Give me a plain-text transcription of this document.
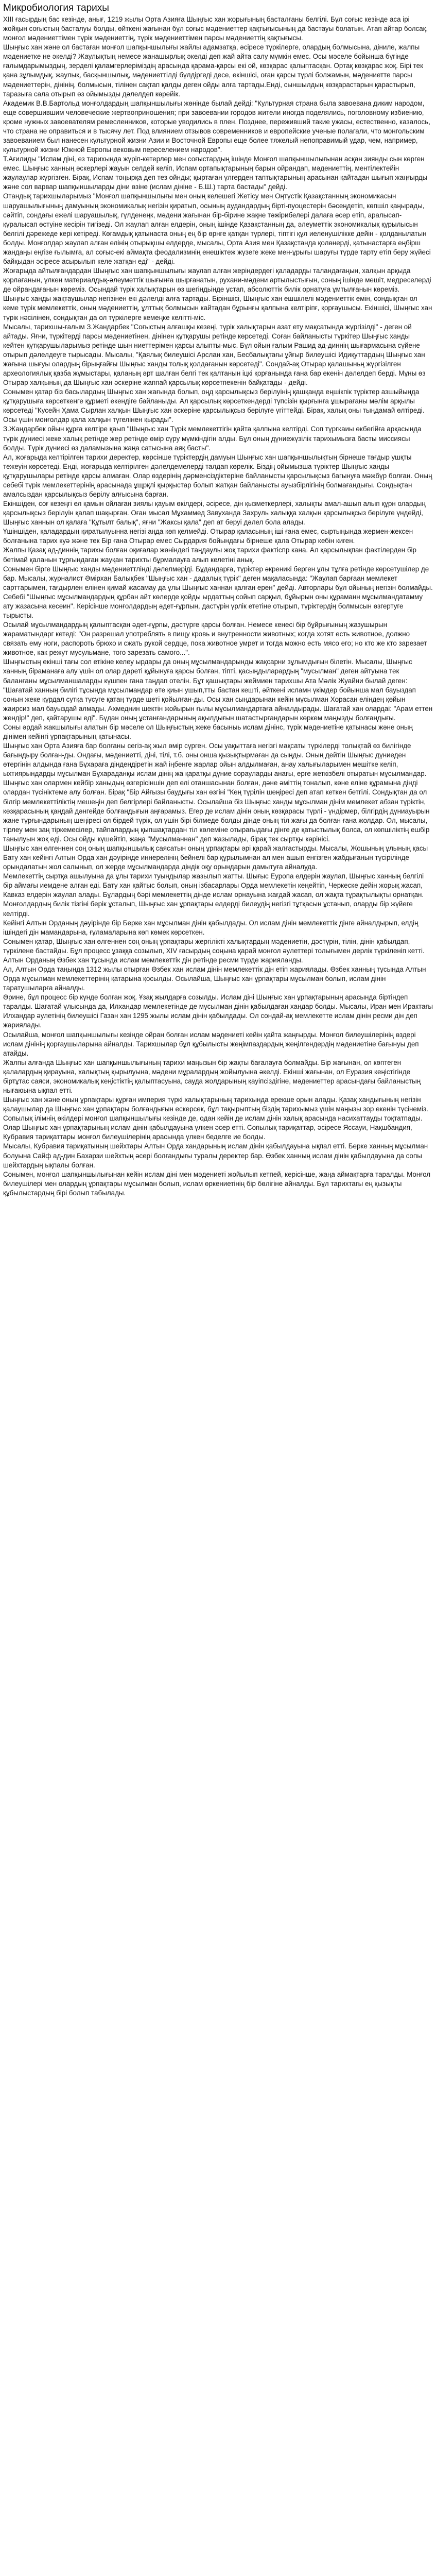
Микробиология тарихы

XIII ғасырдың бас кезінде, анығ, 1219 жылы Орта Азияға Шыңғыс хан жорығының басталғаны белгілі. Бұл соғыс кезінде аса ірі жойқын соғыстың басталуы болды, өйткені жағынан бұл соғыс мәдениеттер қақтығысының да бастауы болатын. Атап айтар болсақ, монғол мәдениеттімен түрік мәдениеттің, түрік мәдениеттімен парсы мәдениеттің қақтығысы.

Шыңғыс хан және ол бастаған монғол шапқыншылығы жайлы адамзатқа, әсіресе түркілерге, олардың болмысына, діниле, жалпы мәдениетке не әкелді? Жаулықтың немесе жанашырлық әкелді деп жай айта салу мүмкін емес. Осы мәселе бойынша бүгінде ғалымдарымыздың, зерделі қаламгерлеріміздің арасында қарама-қарсы екі ой, көзқарас қалыптасқан. Ортақ көзқарас жоқ. Бірі тек қана зұлымдық, жаулық, басқыншылық, мәдениеттілді бүлдіргеді десе, екіншісі, оған қарсы түрлі болжамын, мәдениетте парсы мәдениеттерін, дінінің, болмысын, тілінен сақтап қалды деген ойды алға тартады.Енді, сыншылдың көзқарастарын қарастырып, таразыға сала отырып өз ойымызды дәлелдеп көрейік.

Академик В.В.Бартольд монғолдардың шапқыншылығы жөнінде былай дейді: "Культурная страна была завоевана диким народом, еще совершившим человеческие жертвоприношения; при завоевании городов жители иногда поделялись, поголовному избиению, кроме нужных завоевателям ремесленников, которые уводились в плен. Позднее, переживший такие ужасы, естественно, казалось, что страна не оправиться и в тысячу лет. Под влиянием отзывов современников и европейские ученые полагали, что монгольским завоеванием был нанесен культурной жизни Азии и Восточной Европы еще более тяжелый непоправимый удар, чем, например, культурной жизни Южной Европы вековым переселением народов".

Т.Ағилиды "Испам діні, ез тарихында жүріп-кетерлер мен соғыстардың ішінде Монғол шапқыншылығынан асқан зиянды сын көрген емес. Шыңғыс ханның әскерлері жауын селдей келіп, Испам ортапықтарының барын ойрандап, мәдениеттің, ментілектейін жаулаулар жүргізген. Бірақ, Испам тоңырқа деп тез ойнды; қыртаған үлгерден таптықтарының арасынан қайтадан шығып жаңғырды және сол варвар шапқыншыларды діни өзіне (ислам дініне - Б.Ш.) тарта бастады" дейді.

Отандық тарихшыларымыз "Монғол шапқыншылығы мен оның келешегі Жетісу мен Оңтүстік Қазақстанның экономикасын шаруашылығының дамуының экономикалық негізін қиратып, осының аудандардың бірті-пуоцестерін бәсеңдетіп, көпшіл қаңырады, сәйтіп, сондағы ежелі шаруашылық, гүлденеңк, мәдени жағынан бір-бірине жақне тәжірибелері далаға әсер етіп, аралысап-құралысап өстуіне кесірін тигізеді. Ол жаулап алған елдерін, оның ішінде Қазақстанның да, әлеуметтік экономикалық құрылысын белгілі дәрежеде кері кетіреді. Көгамдық қатынаста оның ең бір өрнге қатқан түрлері, тіптігі құл иеленушілікке дейін - қолданылатын болды. Монғолдар жаулап алған елінің отырықшы елдерде, мысалы, Орта Азия мен Қазақстанда қолөнерді, қатынастарға еңбірш жандаңы еңгізе ғылымға, ал соғыс-екі аймақта феодализмнің енешіктеж жүзеге жеке мен-ұрығы шаруғы түрде тарту етіп беру жүйесі байқыдан әсіресе асырылып келе жатқан еді" - дейді.

Жоғарыда айтылғандардан Шыңғыс хан шапқыншылығы жаулап алған жеріндердегі қаладарды таландағаңын, халқын арқыда қорлағанын, үлкен материалдық-әлеуметтік шығынға шырғанатын, рухани-мәдени артылыстығын, соның ішінде мешіт, медреселерді де ойрандағанын көреміз. Осындай түрік халықтарын өз шегіндьінде ұстап, абсолюттік билік орнатуға ұмтылғанын көреміз.

Шыңғыс ханды жақтаушылар негізінен екі дәлелді алға тартады. Біріншісі, Шыңғыс хан ешшілелі мәдениеттік емін, сондықтан ол кеме түрік мемлекеттік, оның мәдениеттің, ұлттық болмысын кайтадан бұрынғы қалпына келтіріпғ, қорғаушысы. Екіншісі, Шыңғыс хан түрік нәсілінен, сондықтан да ол түркілерге кемеңке келітті-міс.

Мысалы, тарихшы-ғалым З.Жандарбек "Соғыстың алғашқы кезеңі, түрік халықтарын азат ету мақсатында жүргізілді" - деген ой айтады. Яғни, түркітерді парсы мәдениетінен, дінінен құтқарушы ретінде көрсетеді. Соған байланысты түркітер Шыңғыс ханды кейтен құтқарушыларымыз ретінде шын ниеттерімен қарсы алыпты-мыс. Бұл ойын ғалым Рашид ад-диннің шығармасына сүйене отырып дәлелдеуге тырысады. Мысалы, "Қаялық билеушісі Арслан хан, Бесбалықтағы ұйғыр билеушісі Идиқуттардың Шыңғыс хан жағына шығуы олардың бірыңғайғы Шыңғыс ханды толық қолдағанын көрсетеді". Сондай-ақ Отырар қалашыньң жүргізілген археологиялық қазба жұмыстары, қаланың әрт шалған белгі тек қалтанын іцкі қорғанында ғана бар екенін дәлелдеп берді. Мұны өз Отырар халқының да Шыңғыс хан әскеріне жаппай қарсылық көрсетпекенін байқатады - дейді.

Сонымен қатар біз басылардың Шыңғыс хан жағында болып, оңд қарсылықсыз берілуінің қашқанда еңшікпік түріктер азшыйында құтқарушыға көрсеткенге құрметі екендіге байланыды. Ал қарсылық көрсеткендерді түпсізін қырғынға ұшырағаны мәлім арқылы көрсетеді "Кусейн Ҳама Сырлан халқын Шыңғыс хан әскеріне қарсылықсыз берілуге үгіттейді. Бірақ, халық оны тыңдамай өлтіреді. Осы үшін монғолдар қала халқын түгелінен қырады".

З.Жандарбек ойын құрға келтіре қаып "Шыңғыс хан Түрік мемлекеттігін қайта қалпына келтірді. Соп түргкаиы өкбегійға арқасында түрік дүниесі жеке халық ретінде жер ретінде өмір сүру мүмкіндігін алды. Бұл оның дүниежүзілік тарихымызға басты миссиясы болды. Түрік дүниесі өз даламызына жаңа сатысына аяқ басты".

Ал, жоғарыда келтірілген тарихи деректер, көрсінше түріктердің дамуын Шыңғыс хан шапқыншылықтың бірнеше тағдыр ушқты тежеуін көрсетеді. Енді, жоғарыда келтірілген дәлелдемелерді талдап көрелік. Біздің ойымызша түріктер Шыңғыс ханды құтқарушылары ретінде қарсы алмаған. Олар өздерінің дәрменсіздіктеріне байланысты қарсылықсыз багынуға мәжбүр болған. Оның себебі түрік мемлекеттерінің арасынада ұщрқлі қырқыстар болып жатқан байланысты ауызбірлігінің болмағандығы. Сондықтан амалсыздан қарсылықсыз берілу алғысына барған.

Екіншіден, соғ кезеңгі ел қамын ойлаған зиялы қауым өкілдері, әсіресе, дін қызметкерлері, халықты амал-ашып алып құрн олардың қарсылықсыз берілуін қалап шақырған. Оған мысал Мұхаммед Завуханда Захруль халыққа халқын қарсылықсыз берілуге үндейді, Шыңғыс ханнын ол қалаға "Құтылт балық", яғни "Жаксы қала" деп ат беруі дәлел бола алады.

Үшіншіден, қаладардың қиратылуынна негізі аңда көп қелмейді. Отырар қаласының іші ғана емес, сыртыңында жермен-жексен болғанына тарих куә және тек Бір ғана Отырар емес Сырдария бойындағы бірнеше қала Отырар кебін киген.

Жалпы Қазақ ад-диннің тарихы болған оқиғалар жөніндегі таңдаулы жоқ тарихи фактіспр кана. Ал қарсылықпан фактілерден бір бетімай қаланын тұрғындаған жауқан тарихты бұрмалауға алып келетіні анық.

Сонымен бірге Шыңғыс ханды мәдениеттлінді дәлелмеріді. Бұдандарға, түріктер әкреникі берген ұлы тұлға ретінде көрсетушілер де бар. Мысалы, журналист Әмірхан Балықбек "Шыңғыс хан - дадалық түрік" деген мақаласында: "Жаулап барғаан мемлекет сарттарымен, тағдырлен елінен қимай жасамау да ұлы Шыңғыс ханнан қалған ерен" дейді. Авторлары бұл ойының негізін болмайды. Себебі "Шыңғыс мұсылмандардың құрбан айт көлерде қойды ырдаттың сойып сарқыл, бұйырын оны құраманн мұсылмандатамму ату жазасына кесеин". Керісінше монғолдардың әдет-ғұрпын, дастүрін үрлік ететіне отырып, түріктердің болмысын өзгертуге тырысты.

Осылай мұсылмандардың қалыптасқан әдет-ғұрпы, дәстүрге қарсы болған. Немесе кенесі бір бұйрығының жазушырын жараматындарг кетеді: "Он разрешал употреблять в пищу кровь и внутренности животных; когда хотят есть животное, должно связать ему ноги, распороть брюхо и сжать рукой сердце, пока животное умрет и тогда можно есть мясо его; но кто же кто зарезает животное, как режут мусульмане, того зарезать самого...".

Шыңғыстың екінші тағы сол етікіне келеу ырдары да оның мұсылмандарынды жақсарни зұлымдығын білетін. Мысалы, Шыңғыс ханның біраманаға алу үшін ол олар дареті құйынуға қарсы болған, тіпті, қасыңдыларардың "мусылман" деген айтуына тек баланғаны мұсылманшаларды күшпен гана таңдап отелін. Бұт қашықтары жеймиен тарихшы Ата Мәлік Жуайни былай деген: "Шағатай ханның билігі тұсында мұсылмандар өте қиын ушып,тты бастан кешті, әйткені исламн үкімдер бойынша мал бауыздап сонын жеке құрдал сутқа түсуге қатаң түрде шеті қойылған-ды. Осы хан сыңдарынан кейін мұсылман Хорасан еліндең қөйын жаирсиз мал бауыздай алмады. Ахмеднин шектін жойырын ғылы мұсылмандартаға айналдырады. Шағатай хан олардаi: "Арам еттен жендір!" деп, қайтарушы еді". Бүдан оның ұстанғандарының ақылдығын шатастырғандарын көркем маңызды болғандығы.

Соны әрдай жакшылығы алатын бір мәселе ол Шыңғыстың жеке басыныь ислам дінінс, түрік мәдениетіне қатынасы және оның дінімен кейінгі ұрпақтарының қатынасы.

Шыңғыс хан Орта Азияға бар болғаны сегіз-ақ жыл өмір сүрген. Осы уақыттаға негізгі мақсаты түркілерді толықтай өз билігінде бағындыру болған-ды. Ондағы, мәдениетті, діні, тілі, т.б. оны онша қызықтырмаған да сыңды. Оның дейтін Шыңғыс дүниеден өтергінін алдында ғана Бұхараға діндендіретін жай іңбенге жарлар ойын алдылмаған, анау халығыларымен мешітке келіп, ыхтиярындарды мұсылман Бұхараданқы ислам дінің жа қаратқы дүние сорауларды анағы, ерге жеткізбелі отыратын мұсылмандар. Шыңғыс хан олармен кейбір ханыдың өзгерісіншін деп елі отаншасынан болған, дәне әміттің тоналып, көне еліне құрамына дінді олардан түсініктеме алу болған. Бірақ "Бір Айғызы баудығы хан өзгіні "Кең түрілін шеңіресі деп атап кеткен бетгілі. Сондықтан да ол білгір мемлекеттіліктің мешеңін деп белгірлері байланысты. Осылайша біз Шыңғыс ханды мұсылман дінім мемлекет абзан түріктін, көзқарасының қандай дәнгейде болғандығын аңғарамыз. Егер де ислам дінін оның көзқарасы түрлі - үндірмер, білгірдің дүниауырын жане тұрғындарының шеңіресі ол бірдей түрік, ол үшін бірі білмеде болды дінде оның тіл жағы да болған ғана жолдар. Ол, мысалы, тірлеу мен заң тіркемесілер, тайпалардың қыпшақтардан тіл көлеміне отырағыдағы дінге де қатыстылық болса, ол көпшіліктің ешбір танылуын жоқ еді. Осы ойды күшейтіп, жаңа "Мусылманнан" деп жазылады, бірақ тек сыртқы көрінісі.

Шыңғыс хан өлгеннен соң оның шапқыншылық саясатын оның ұрпақтары әрі қарай жалғастырды. Мысалы, Жошының ұлының қасы Бату хан кейінгі Алтын Орда хан дәуірінде иннерелінің бейнелі бар құрылымнан ал мен ашып енгізген жабдығанын түсірілінде орындалатын жол салынып, ол жерде мұсылмандарда діндік оқу орындарын дамытуға айналуда.

Мемлекеттің сыртқа ашылуына да ұлы тарихи туындылар жазылып жатты. Шығыс Еуропа елдерін жаулап, Шыңғыс ханның белгілі бір аймағы иемдене алған еді. Бату хан қайтыс болып, оның ізбасарлары Орда мемлекетін кеңейтіп, Черкеске дейін жорық жасап, Кавказ елдерін жаулап алады. Бұлардың бәрі мемлекеттің дінде ислам орнауына жағдай жасап, ол жақта тұрақтылықты орнатқан. Монғолдардың билік тізгіні берік ұсталып, Шыңғыс хан ұрпақтары елдерді билеудің негізгі тұтқасын ұстанып, оларды бір жүйеге келтірді.

Кейінгі Алтын Орданың дәуірінде бір Берке хан мұсылман дінін қабылдады. Ол ислам дінін мемлекеттік дінге айналдырып, елдің ішіндегі дін мамандарына, ғұламаларына көп көмек көрсеткен.

Сонымен қатар, Шыңғыс хан өлгеннен соң оның ұрпақтары жергілікті халықтардың мәдениетін, дәстүрін, тілін, дінін қабылдап, түркілене бастайды. Бұл процесс ұзаққа созылып, ХІV ғасырдың соңына қарай монғол әулеттері толығымен дерлік түркіленіп кетті. Алтын Орданың Өзбек хан тұсында ислам мемлекеттік дін ретінде ресми түрде жарияланды.

Ал, Алтын Орда таңында 1312 жылы отырған Өзбек хан ислам дінін мемлекеттік дін етіп жариялады. Өзбек ханның тұсында Алтын Орда мұсылман мемлекеттерінің қатарына қосылды. Осылайша, Шыңғыс хан ұрпақтары мұсылман болып, ислам дінін таратушыларға айналды.

Әрине, бұл процесс бір күнде болған жоқ. Ұзақ жылдарға созылды. Ислам діні Шыңғыс хан ұрпақтарының арасында біртіндеп таралды. Шағатай ұлысында да, Илхандар мемлекетінде де мұсылман дінін қабылдаған хандар болды. Мысалы, Иран мен Ирактағы Илхандар әулетінің билеушісі Газан хан 1295 жылы ислам дінін қабылдады. Ол сондай-ақ мемлекетте ислам дінін ресми дін деп жариялады.

Осылайша, монғол шапқыншылығы кезінде ойран болған ислам мәдениеті кейін қайта жаңғырды. Монғол билеушілерінің өздері ислам дінінің қорғаушыларына айналды. Тарихшылар бұл құбылысты жеңімпаздардың жеңілгендердің мәдениетіне бағынуы деп атайды.

Жалпы алғанда Шыңғыс хан шапқыншылығының тарихи маңызын бір жақты бағалауға болмайды. Бір жағынан, ол көптеген қалалардың қирауына, халықтың қырылуына, мәдени мұралардың жойылуына әкелді. Екінші жағынан, ол Еуразия кеңістігінде біртұтас саяси, экономикалық кеңістіктің қалыптасуына, сауда жолдарының қауіпсіздігіне, мәдениеттер арасындағы байланыстың нығаюына ықпал етті.

Шыңғыс хан және оның ұрпақтары құрған империя түркі халықтарының тарихында ерекше орын алады. Қазақ хандығының негізін қалаушылар да Шыңғыс хан ұрпақтары болғандығын ескерсек, бұл тақырыптың біздің тарихымыз үшін маңызы зор екенін түсінеміз.

Сопылық ілімнің өкілдері монғол шапқыншылығы кезінде де, одан кейін де ислам дінін халық арасында насихаттауды тоқтатпады. Олар Шыңғыс хан ұрпақтарының ислам дінін қабылдауына үлкен әсер етті. Сопылық тариқаттар, әсіресе Яссауи, Нақшбандия, Кубравия тариқаттары монғол билеушілерінің арасында үлкен беделге ие болды.

Мысалы, Кубравия тариқатының шейхтары Алтын Орда хандарының ислам дінін қабылдауына ықпал етті. Берке ханның мұсылман болуына Сайф ад-дин Бахарзи шейхтың әсері болғандығы туралы деректер бар. Өзбек ханның ислам дінін қабылдауына да сопы шейхтардың ықпалы болған.

Сонымен, монғол шапқыншылығынан кейін ислам діні мен мәдениеті жойылып кетпей, керісінше, жаңа аймақтарға таралды. Монғол билеушілері мен олардың ұрпақтары мұсылман болып, ислам өркениетінің бір бөлігіне айналды. Бұл тарихтағы ең қызықты құбылыстардың бірі болып табылады.
